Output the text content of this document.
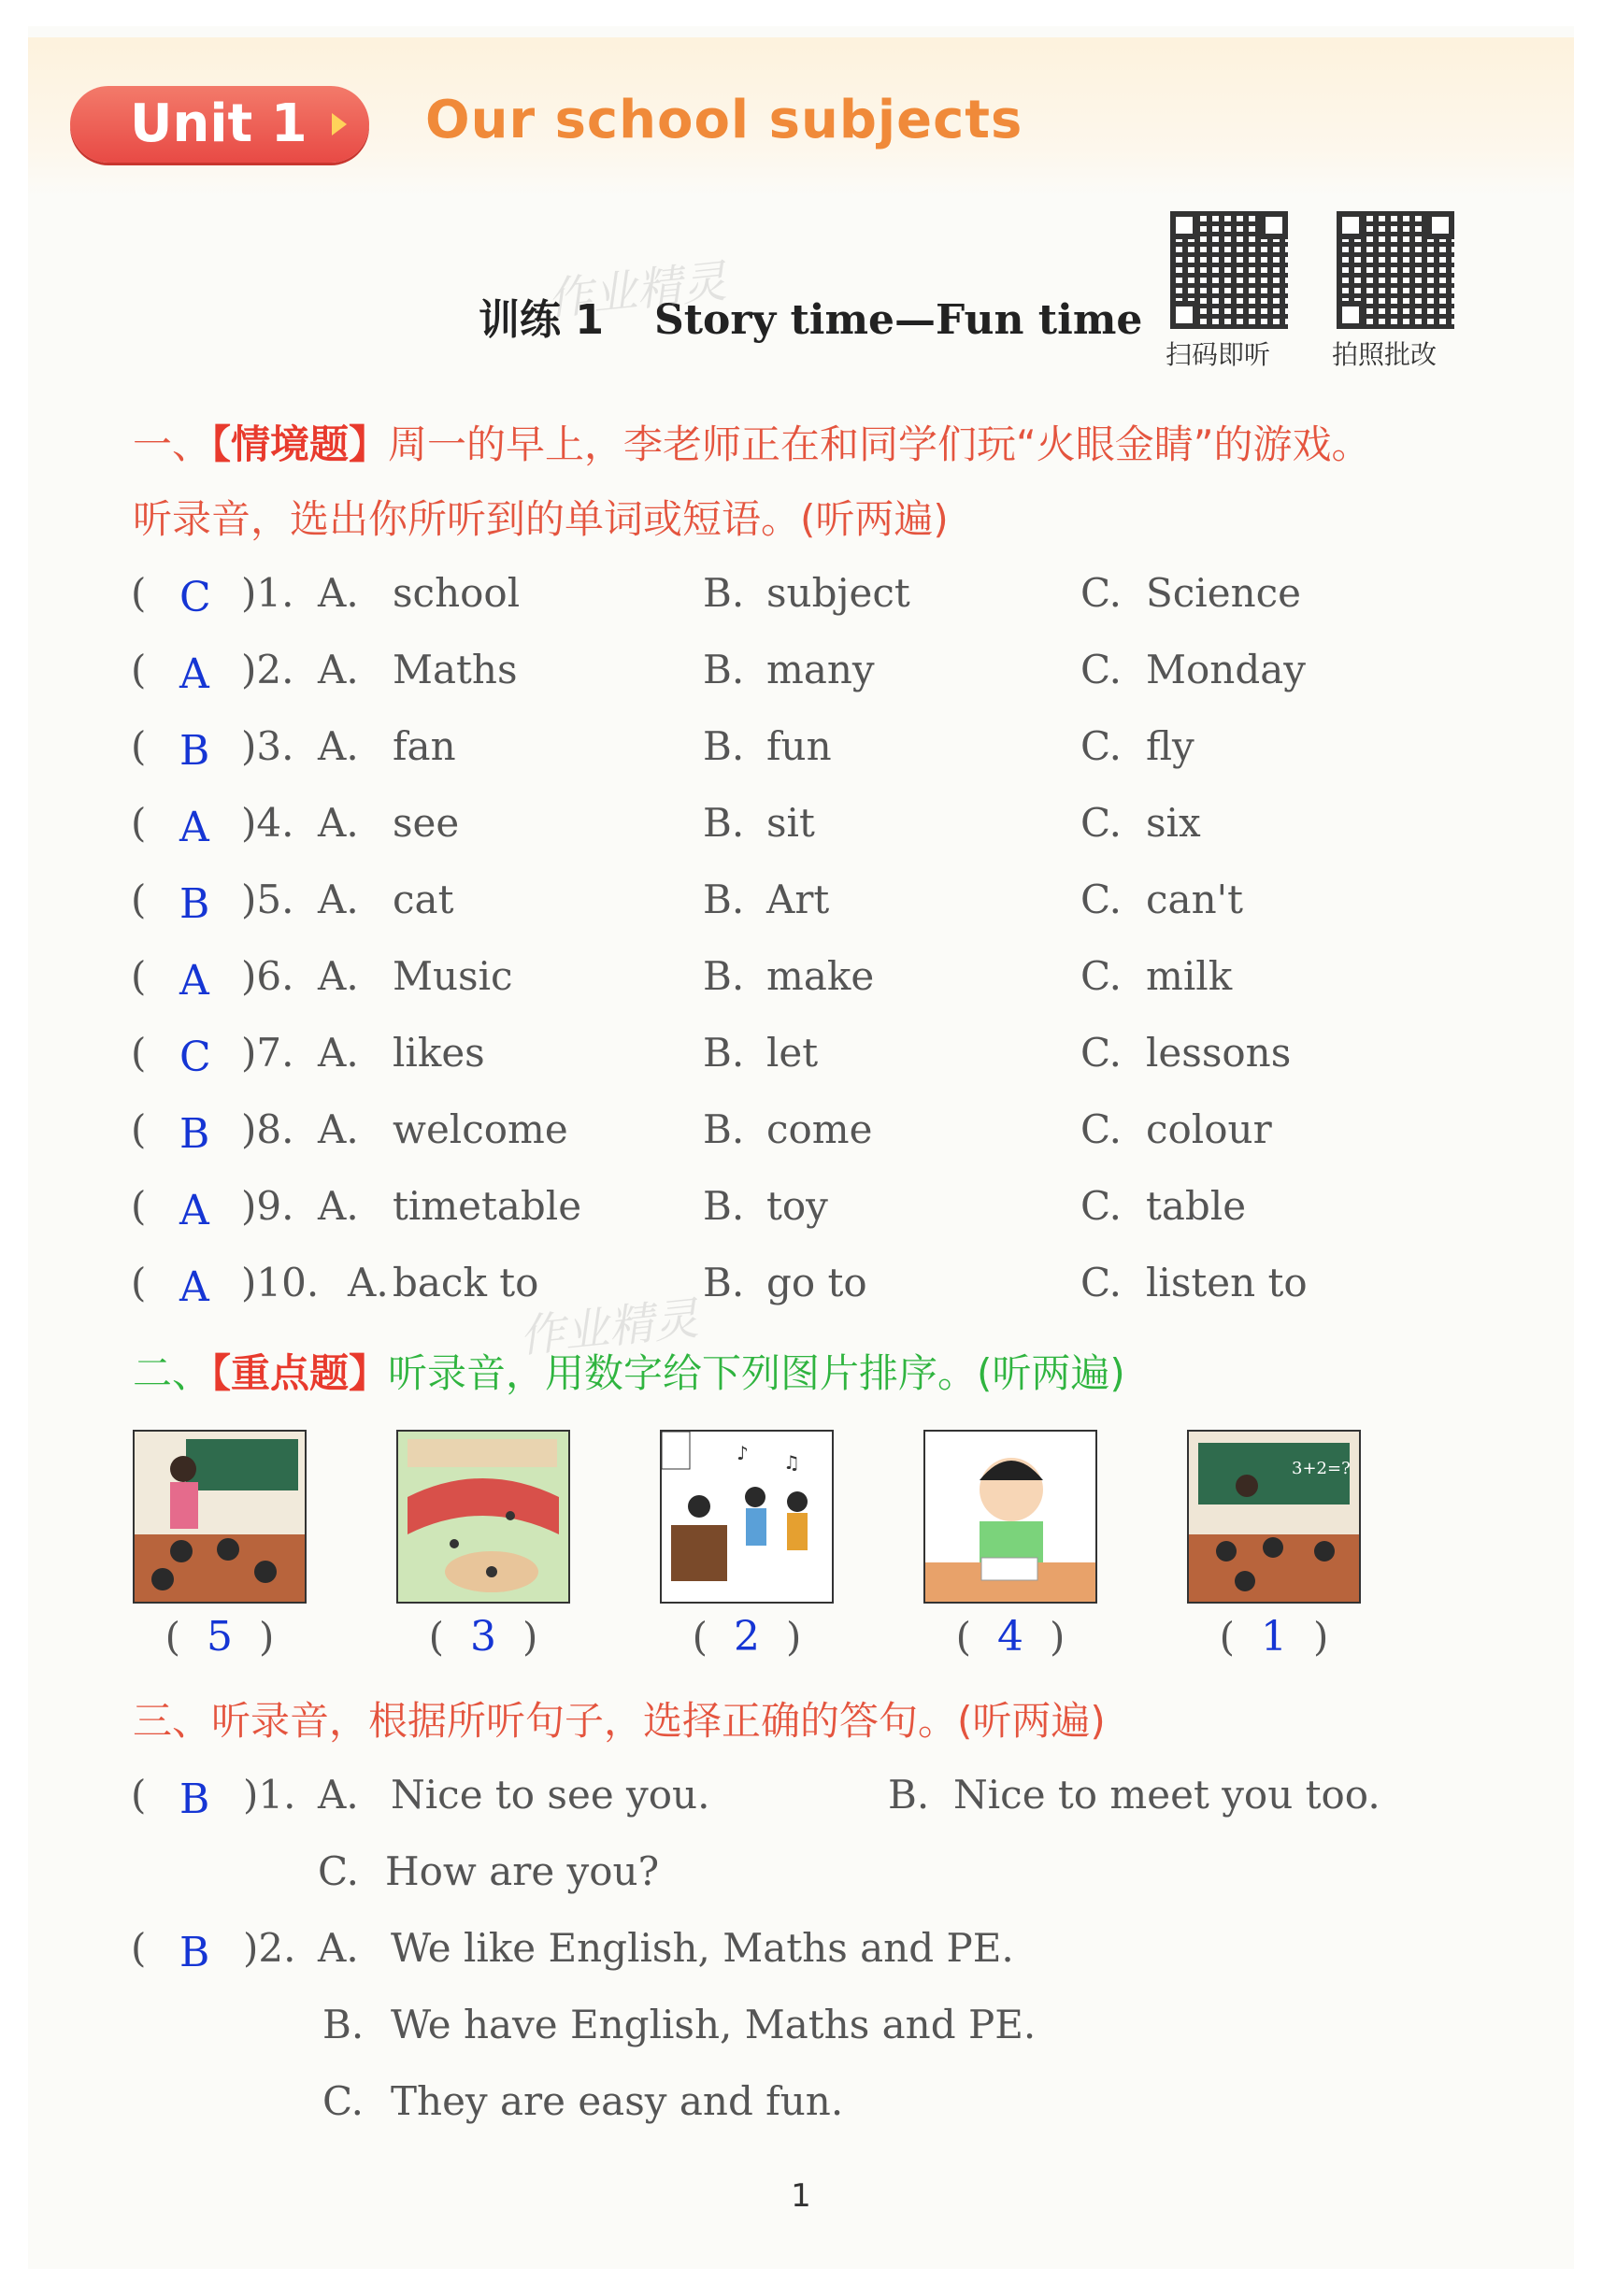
Unit 1	Our school subjects
训练 1 Story time—Fun time
作业精灵
扫码即听 拍照批改
一、【情境题】周一的早上，李老师正在和同学们玩“火眼金睛”的游戏。
听录音，选出你所听到的单词或短语。(听两遍)
( C )1. A. school	B. subject	C. Science
( A )2. A. Maths	B. many	C. Monday
( B )3. A. fan	B. fun	C. fly
( A )4. A. see	B. sit	C. six
( B )5. A. cat	B. Art	C. can't
( A )6. A. Music	B. make	C. milk
( C )7. A. likes	B. let	C. lessons
( B )8. A. welcome	B. come	C. colour
( A )9. A. timetable	B. toy	C. table
( A )10. A. back to	B. go to	C. listen to
作业精灵
二、【重点题】听录音，用数字给下列图片排序。(听两遍)
♪ ♫	3+2=?
( 5 )	( 3 )	( 2 )	( 4 )	( 1 )
三、听录音，根据所听句子，选择正确的答句。(听两遍)
( B )1. A. Nice to see you.	B. Nice to meet you too.
C. How are you?
( B )2. A. We like English, Maths and PE.
B. We have English, Maths and PE.
C. They are easy and fun.
1
